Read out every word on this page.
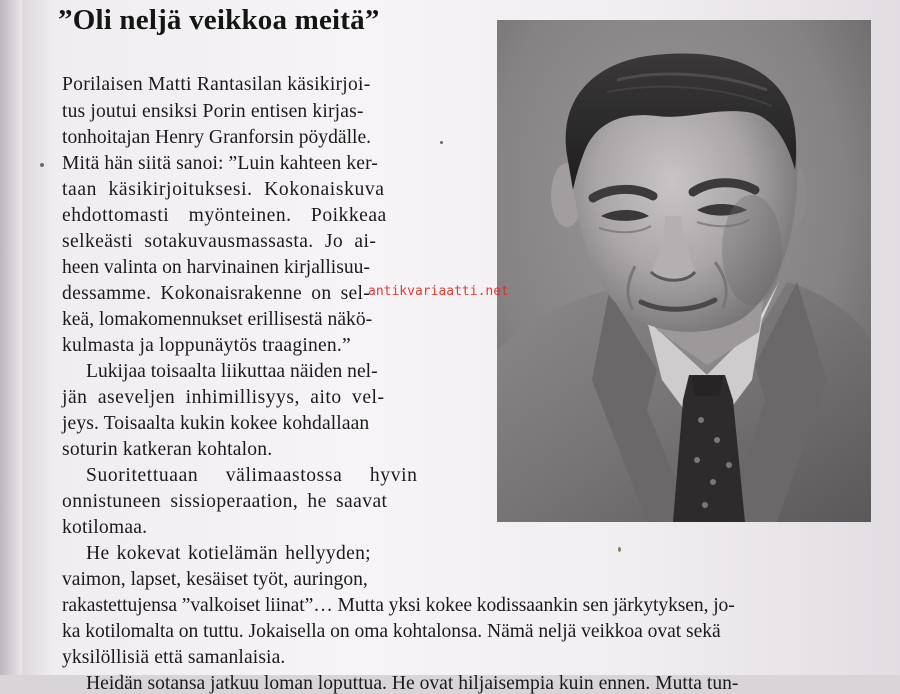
”Oli neljä veikkoa meitä”

Porilaisen Matti Rantasilan käsikirjoi-

tus joutui ensiksi Porin entisen kirjas-

tonhoitajan Henry Granforsin pöydälle.

Mitä hän siitä sanoi: ”Luin kahteen ker-

taan käsikirjoituksesi. Kokonaiskuva

ehdottomasti myönteinen. Poikkeaa

selkeästi sotakuvausmassasta. Jo ai-

heen valinta on harvinainen kirjallisuu-

dessamme. Kokonaisrakenne on sel-

keä, lomakomennukset erillisestä näkö-

kulmasta ja loppunäytös traaginen.”

Lukijaa toisaalta liikuttaa näiden nel-

jän aseveljen inhimillisyys, aito vel-

jeys. Toisaalta kukin kokee kohdallaan

soturin katkeran kohtalon.

Suoritettuaan välimaastossa hyvin

onnistuneen sissioperaation, he saavat

kotilomaa.

He kokevat kotielämän hellyyden;

vaimon, lapset, kesäiset työt, auringon,

rakastettujensa ”valkoiset liinat”… Mutta yksi kokee kodissaankin sen järkytyksen, jo-

ka kotilomalta on tuttu. Jokaisella on oma kohtalonsa. Nämä neljä veikkoa ovat sekä

yksilöllisiä että samanlaisia.

Heidän sotansa jatkuu loman loputtua. He ovat hiljaisempia kuin ennen. Mutta tun-

antikvariaatti.net
